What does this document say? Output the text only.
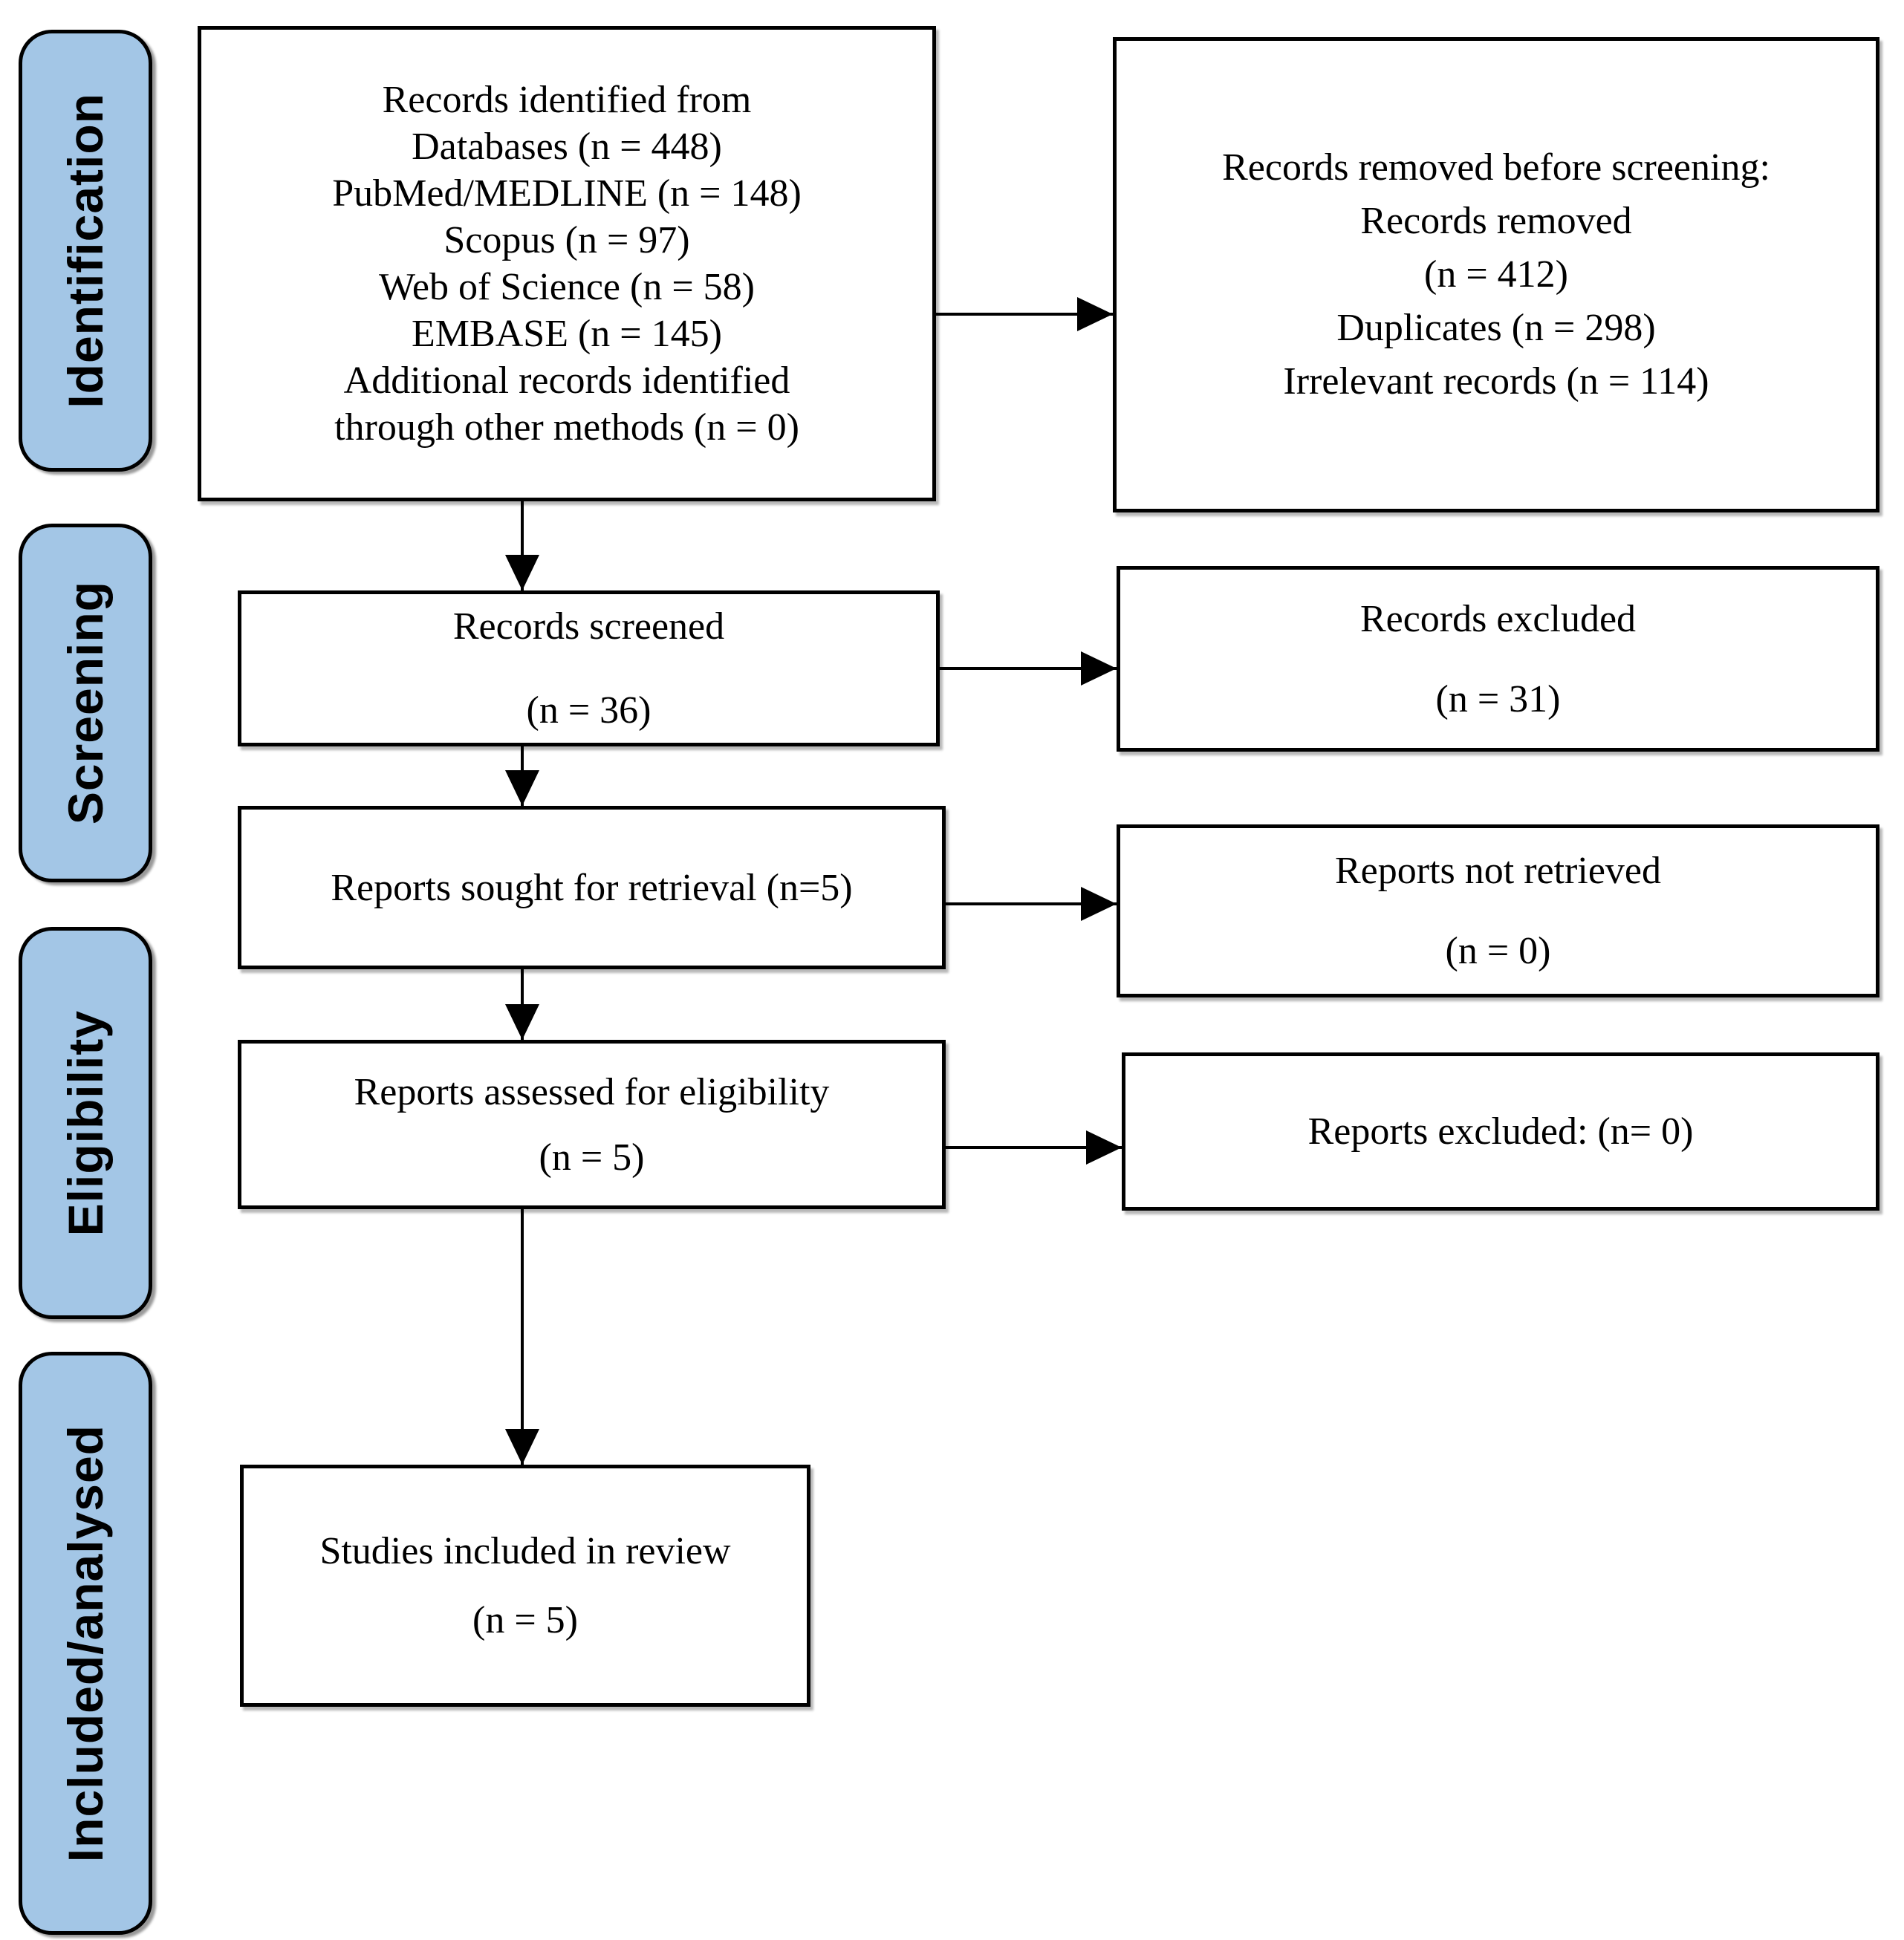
Identification
Screening
Eligibility
Included/analysed
Records identified from
Databases (n = 448)
PubMed/MEDLINE (n = 148)
Scopus (n = 97)
Web of Science (n = 58)
EMBASE (n = 145)
Additional records identified
through other methods (n = 0)
Records removed before screening:
Records removed
(n = 412)
Duplicates (n = 298)
Irrelevant records (n = 114)
Records screened
(n = 36)
Records excluded
(n = 31)
Reports sought for retrieval (n=5)	Reports not retrieved
(n = 0)
Reports assessed for eligibility
(n = 5)
Reports excluded: (n= 0)
Studies included in review
(n = 5)
